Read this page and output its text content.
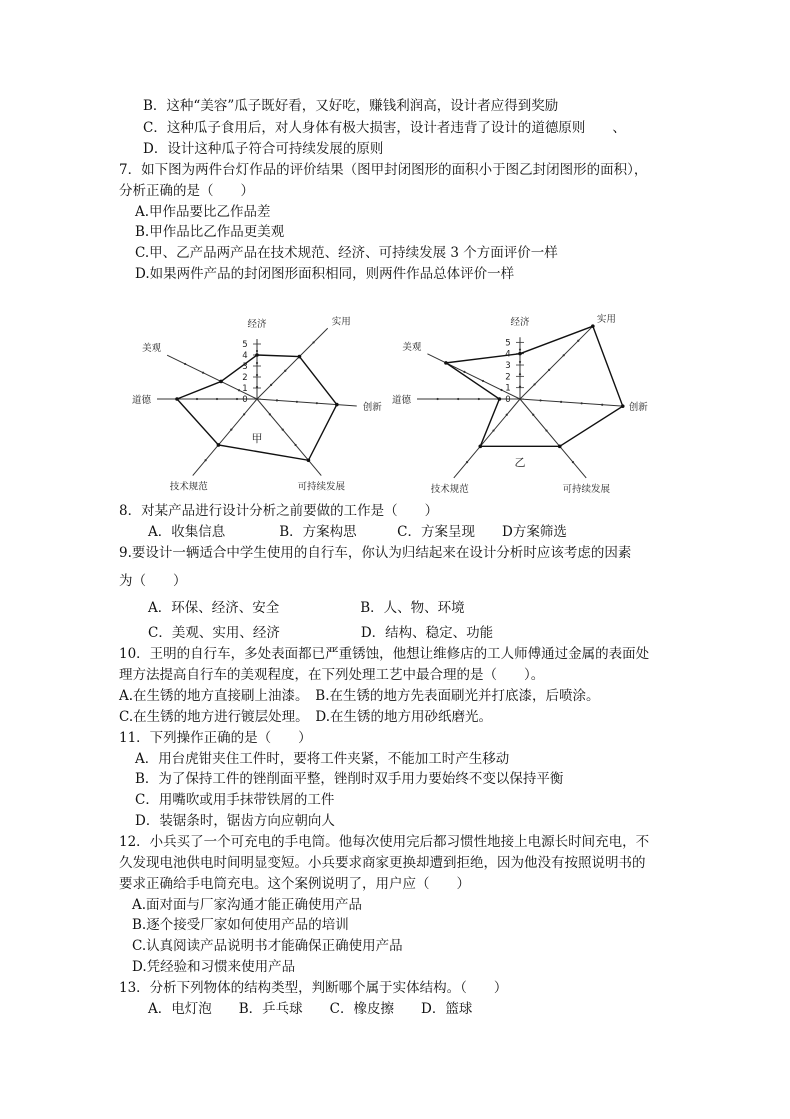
B．这种“美容”瓜子既好看，又好吃，赚钱利润高，设计者应得到奖励
C．这种瓜子食用后，对人身体有极大损害，设计者违背了设计的道德原则　　、
D．设计这种瓜子符合可持续发展的原则
7．如下图为两件台灯作品的评价结果（图甲封闭图形的面积小于图乙封闭图形的面积），
分析正确的是（　　）
A.甲作品要比乙作品差
B.甲作品比乙作品更美观
C.甲、乙产品两产品在技术规范、经济、可持续发展 3 个方面评价一样
D.如果两件产品的封闭图形面积相同，则两件作品总体评价一样
经济	实用
创新
可持续发展
技术规范
道德
美观	5
4
3
2
1
0
甲
经济	实用
创新
可持续发展
技术规范
道德
美观	5
4
3
2
1
0
乙
8．对某产品进行设计分析之前要做的工作是（　　）
A．收集信息　　　　B．方案构思　　　C．方案呈现　　D方案筛选
9.要设计一辆适合中学生使用的自行车，你认为归结起来在设计分析时应该考虑的因素
为（　　）
A．环保、经济、安全　　　　　　B．人、物、环境
C．美观、实用、经济　　　　　　D．结构、稳定、功能
10．王明的自行车，多处表面都已严重锈蚀，他想让维修店的工人师傅通过金属的表面处
理方法提高自行车的美观程度，在下列处理工艺中最合理的是（　　）。
A.在生锈的地方直接刷上油漆。　B.在生锈的地方先表面刷光并打底漆，后喷涂。
C.在生锈的地方进行镀层处理。　D.在生锈的地方用砂纸磨光。
11．下列操作正确的是（　　）
A．用台虎钳夹住工件时，要将工件夹紧，不能加工时产生移动
B．为了保持工件的锉削面平整，锉削时双手用力要始终不变以保持平衡
C．用嘴吹或用手抹带铁屑的工件
D．装锯条时，锯齿方向应朝向人
12．小兵买了一个可充电的手电筒。他每次使用完后都习惯性地接上电源长时间充电，不
久发现电池供电时间明显变短。小兵要求商家更换却遭到拒绝，因为他没有按照说明书的
要求正确给手电筒充电。这个案例说明了，用户应（　　）
A.面对面与厂家沟通才能正确使用产品
B.逐个接受厂家如何使用产品的培训
C.认真阅读产品说明书才能确保正确使用产品
D.凭经验和习惯来使用产品
13．分析下列物体的结构类型，判断哪个属于实体结构。（　　）
A．电灯泡　　B．乒乓球　　C．橡皮擦　　D．篮球
